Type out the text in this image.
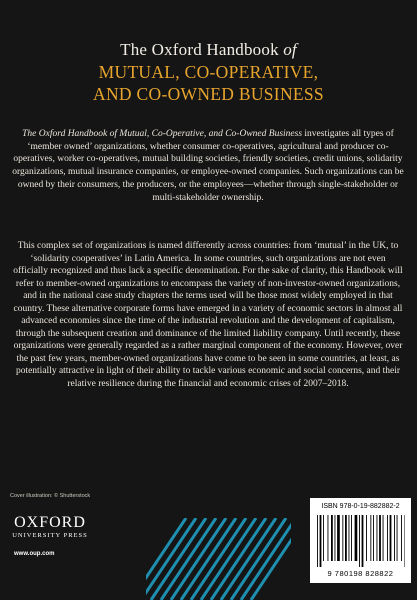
The Oxford Handbook of
MUTUAL, CO-OPERATIVE,
AND CO-OWNED BUSINESS
The Oxford Handbook of Mutual, Co-Operative, and Co-Owned Business investigates all types of ‘member owned’ organizations, whether consumer co-operatives, agricultural and producer co-operatives, worker co-operatives, mutual building societies, friendly societies, credit unions, solidarity organizations, mutual insurance companies, or employee-owned companies. Such organizations can be owned by their consumers, the producers, or the employees—whether through single-stakeholder or multi-stakeholder ownership.
This complex set of organizations is named differently across countries: from ‘mutual’ in the UK, to ‘solidarity cooperatives’ in Latin America. In some countries, such organizations are not even officially recognized and thus lack a specific denomination. For the sake of clarity, this Handbook will refer to member-owned organizations to encompass the variety of non-investor-owned organizations, and in the national case study chapters the terms used will be those most widely employed in that country. These alternative corporate forms have emerged in a variety of economic sectors in almost all advanced economies since the time of the industrial revolution and the development of capitalism, through the subsequent creation and dominance of the limited liability company. Until recently, these organizations were generally regarded as a rather marginal component of the economy. However, over the past few years, member-owned organizations have come to be seen in some countries, at least, as potentially attractive in light of their ability to tackle various economic and social concerns, and their relative resilience during the financial and economic crises of 2007–2018.
Cover illustration: © Shutterstock
OXFORD
UNIVERSITY PRESS
www.oup.com
ISBN 978-0-19-882882-2
9 780198 828822
